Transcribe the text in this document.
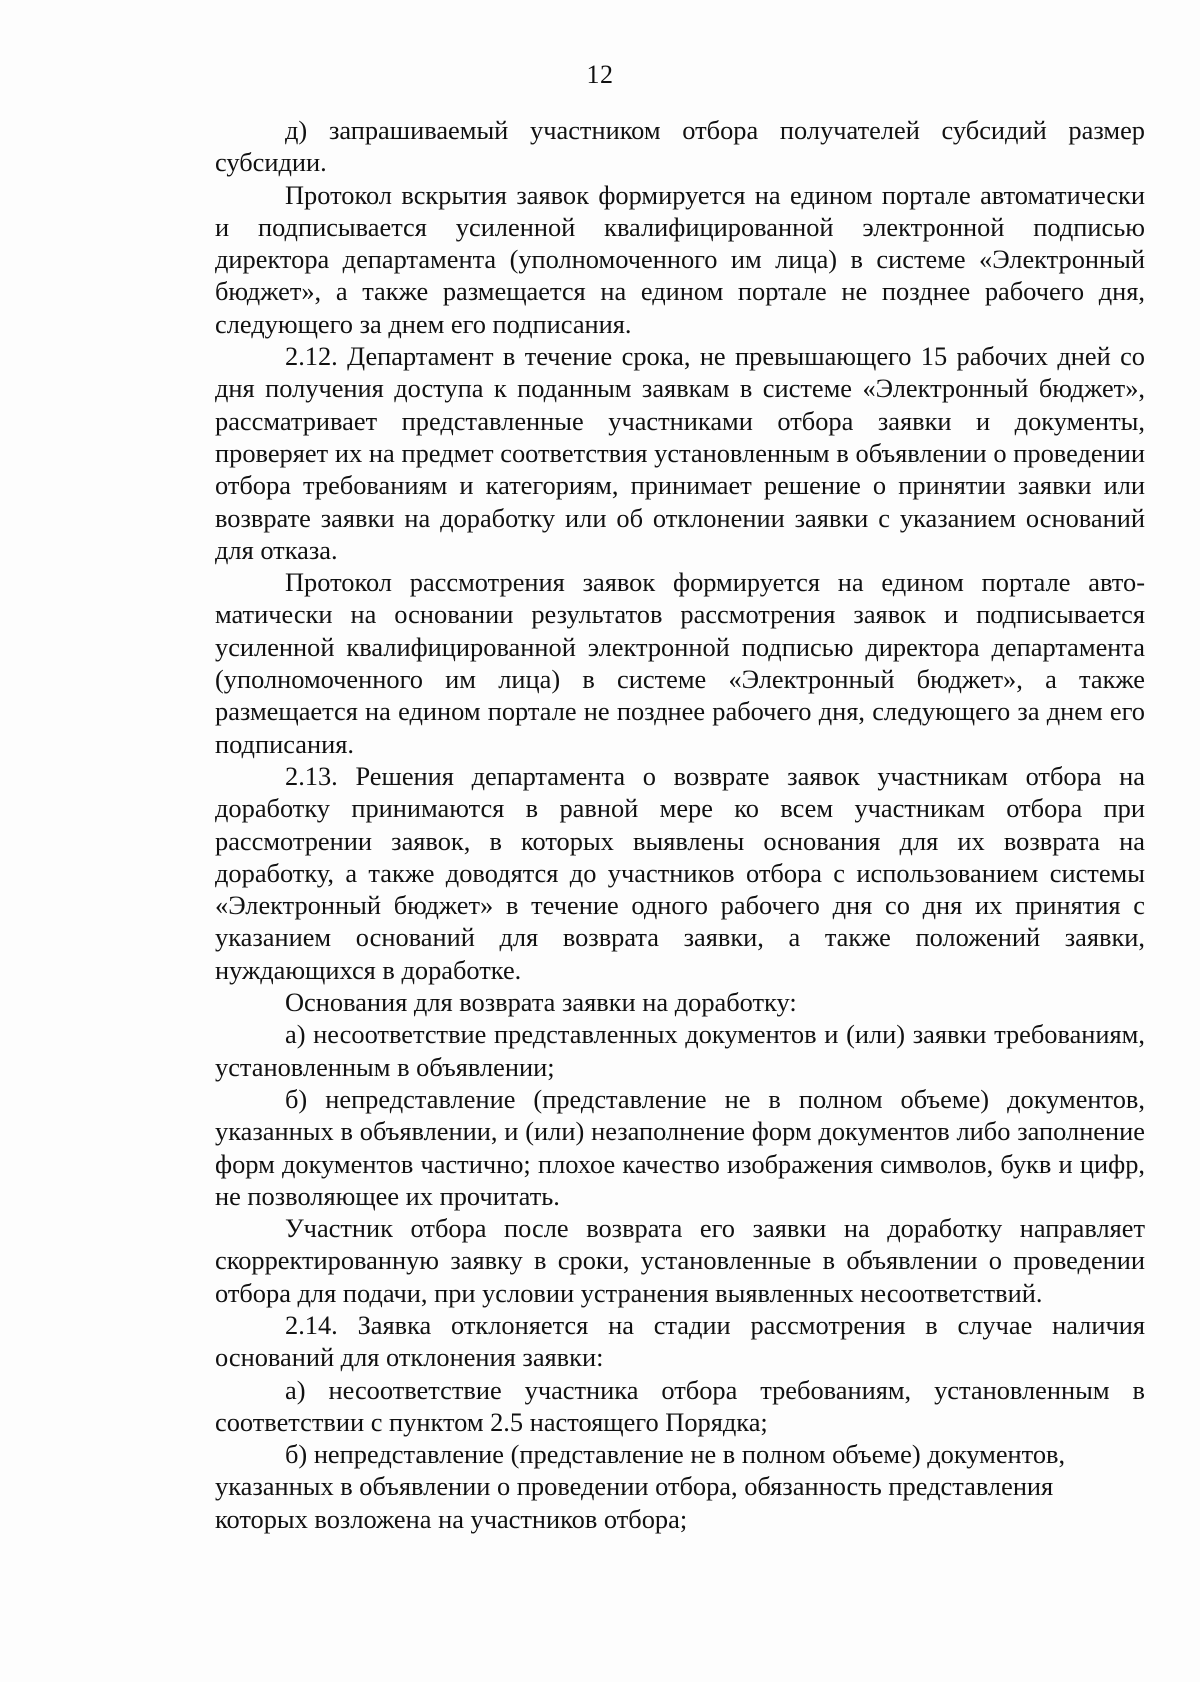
12

д) запрашиваемый участником отбора получателей субсидий размер субсидии.

Протокол вскрытия заявок формируется на едином портале автоматически и подписывается усиленной квалифицированной электронной подписью директора департамента (уполномоченного им лица) в системе «Электронный бюджет», а также размещается на едином портале не позднее рабочего дня, следующего за днем его подписания.

2.12. Департамент в течение срока, не превышающего 15 рабочих дней со дня получения доступа к поданным заявкам в системе «Электронный бюджет», рассматривает представленные участниками отбора заявки и документы, проверяет их на предмет соответствия установленным в объявлении о проведении отбора требованиям и категориям, принимает решение о принятии заявки или возврате заявки на доработку или об отклонении заявки с указанием оснований для отказа.

Протокол рассмотрения заявок формируется на едином портале автоматически на основании результатов рассмотрения заявок и подписывается усиленной квалифицированной электронной подписью директора департамента (уполномоченного им лица) в системе «Электронный бюджет», а также размещается на едином портале не позднее рабочего дня, следующего за днем его подписания.

2.13. Решения департамента о возврате заявок участникам отбора на доработку принимаются в равной мере ко всем участникам отбора при рассмотрении заявок, в которых выявлены основания для их возврата на доработку, а также доводятся до участников отбора с использованием системы «Электронный бюджет» в течение одного рабочего дня со дня их принятия с указанием оснований для возврата заявки, а также положений заявки, нуждающихся в доработке.

Основания для возврата заявки на доработку:

а) несоответствие представленных документов и (или) заявки требованиям, установленным в объявлении;

б) непредставление (представление не в полном объеме) документов, указанных в объявлении, и (или) незаполнение форм документов либо заполнение форм документов частично; плохое качество изображения символов, букв и цифр, не позволяющее их прочитать.

Участник отбора после возврата его заявки на доработку направляет скорректированную заявку в сроки, установленные в объявлении о проведении отбора для подачи, при условии устранения выявленных несоответствий.

2.14. Заявка отклоняется на стадии рассмотрения в случае наличия оснований для отклонения заявки:

а) несоответствие участника отбора требованиям, установленным в соответствии с пунктом 2.5 настоящего Порядка;

б) непредставление (представление не в полном объеме) документов, указанных в объявлении о проведении отбора, обязанность представления которых возложена на участников отбора;
